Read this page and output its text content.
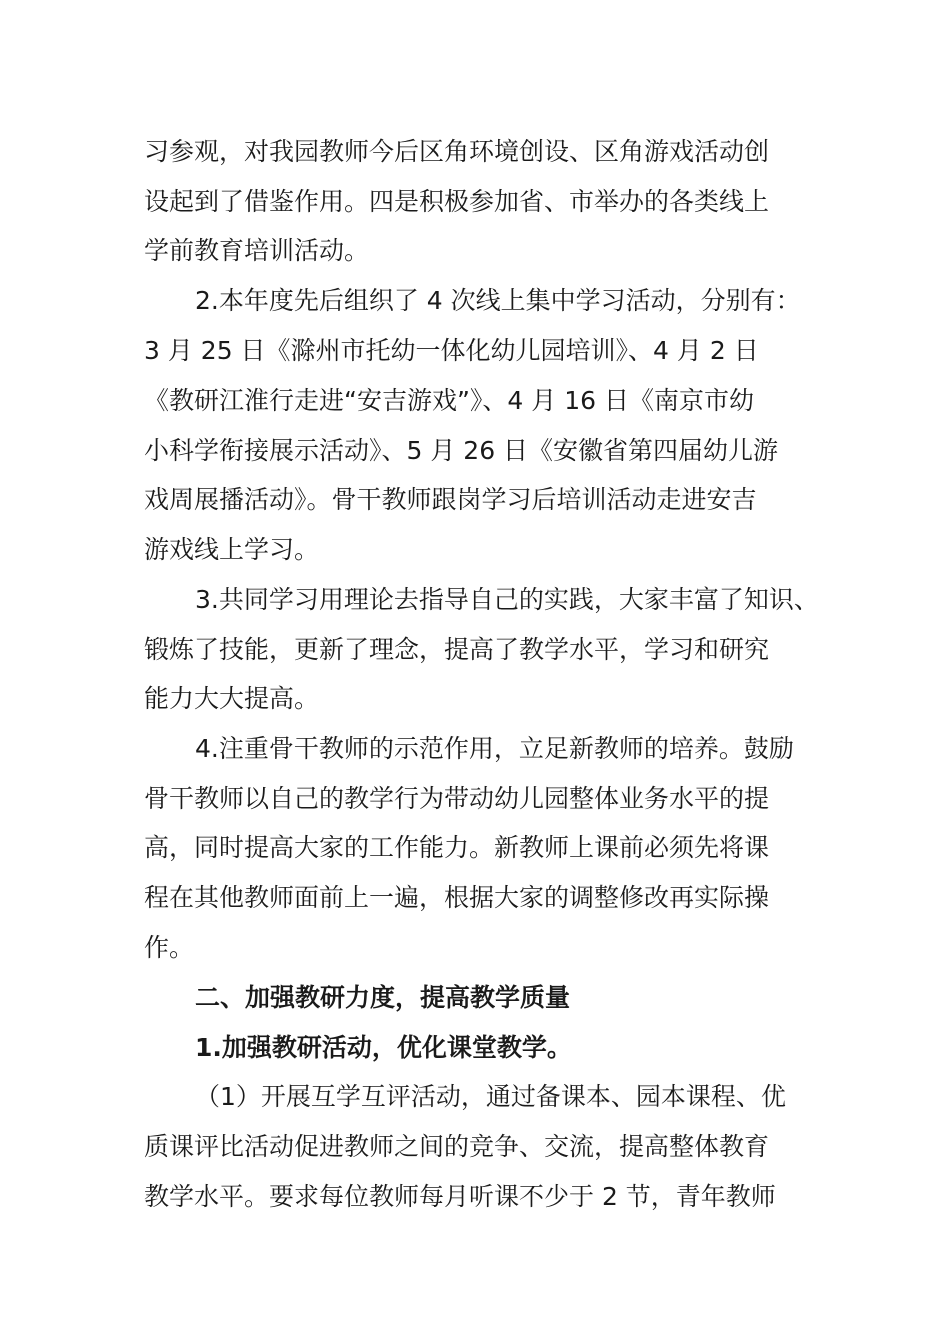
习参观，对我园教师今后区角环境创设、区角游戏活动创
设起到了借鉴作用。四是积极参加省、市举办的各类线上
学前教育培训活动。
2.本年度先后组织了 4 次线上集中学习活动，分别有：
3 月 25 日《滁州市托幼一体化幼儿园培训》、4 月 2 日
《教研江淮行走进“安吉游戏”》、4 月 16 日《南京市幼
小科学衔接展示活动》、5 月 26 日《安徽省第四届幼儿游
戏周展播活动》。骨干教师跟岗学习后培训活动走进安吉
游戏线上学习。
3.共同学习用理论去指导自己的实践，大家丰富了知识、
锻炼了技能，更新了理念，提高了教学水平，学习和研究
能力大大提高。
4.注重骨干教师的示范作用，立足新教师的培养。鼓励
骨干教师以自己的教学行为带动幼儿园整体业务水平的提
高，同时提高大家的工作能力。新教师上课前必须先将课
程在其他教师面前上一遍，根据大家的调整修改再实际操
作。
二、加强教研力度，提高教学质量
1.加强教研活动，优化课堂教学。
（1）开展互学互评活动，通过备课本、园本课程、优
质课评比活动促进教师之间的竞争、交流，提高整体教育
教学水平。要求每位教师每月听课不少于 2 节，青年教师
